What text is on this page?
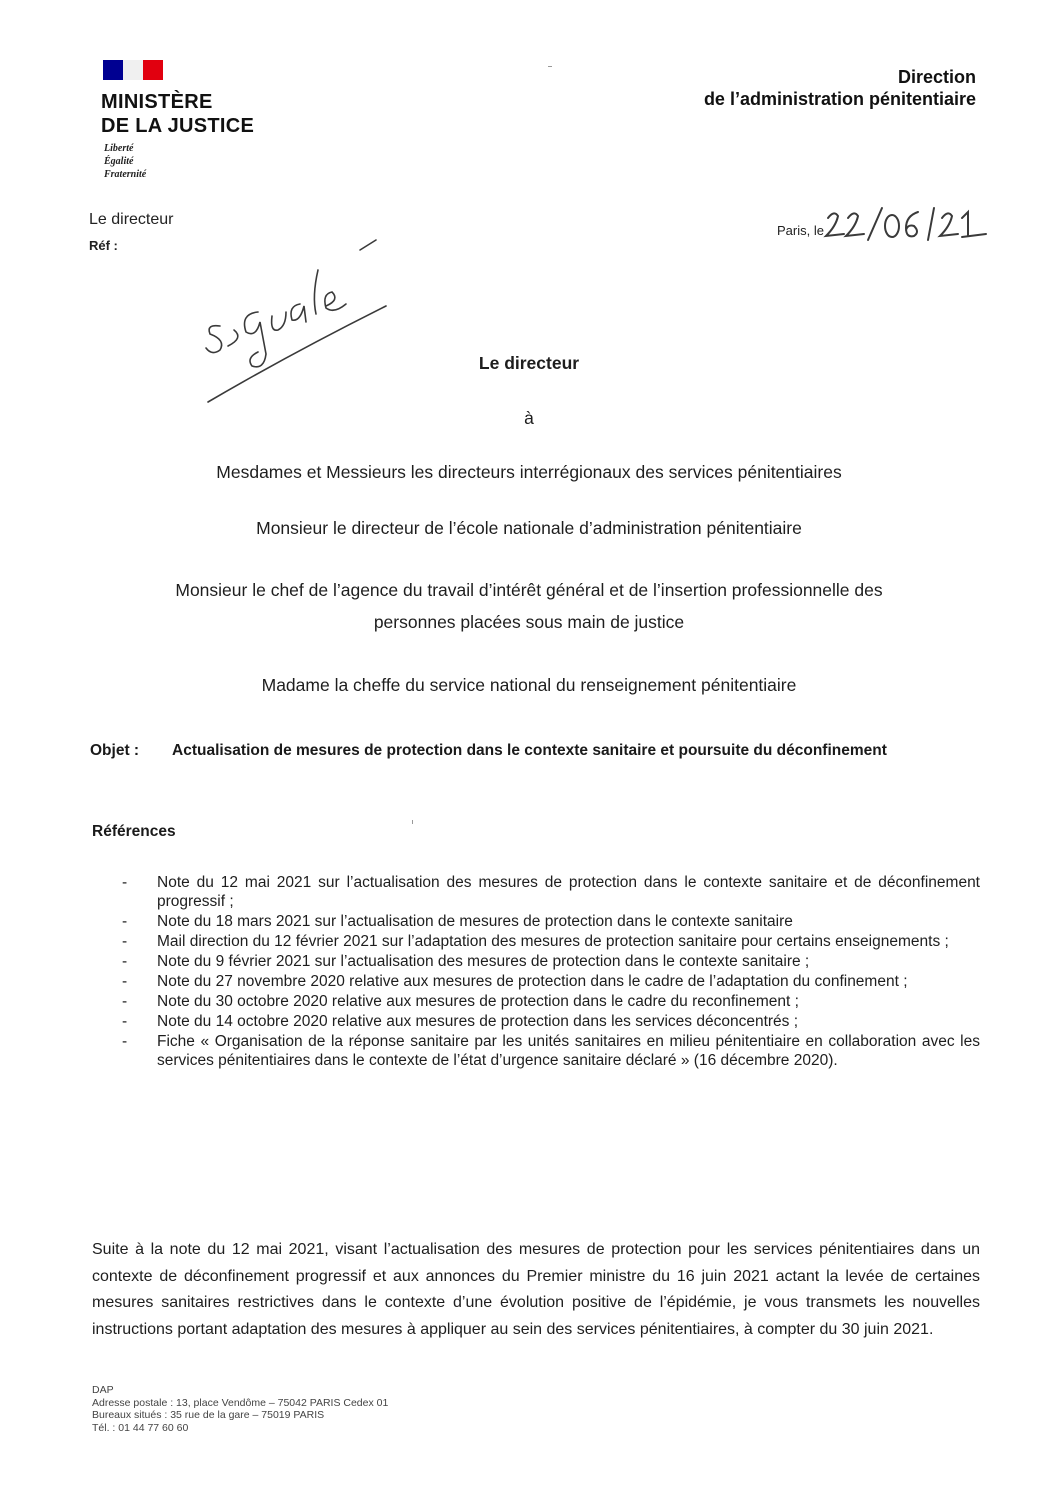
MINISTÈRE
DE LA JUSTICE
Liberté
Égalité
Fraternité
Direction
de l’administration pénitentiaire
Le directeur
Réf :
Paris, le
Le directeur
à
Mesdames et Messieurs les directeurs interrégionaux des services pénitentiaires
Monsieur le directeur de l’école nationale d’administration pénitentiaire
Monsieur le chef de l’agence du travail d’intérêt général et de l’insertion professionnelle des
personnes placées sous main de justice
Madame la cheffe du service national du renseignement pénitentiaire
Objet : Actualisation de mesures de protection dans le contexte sanitaire et poursuite du déconfinement
Références
- Note du 12 mai 2021 sur l’actualisation des mesures de protection dans le contexte sanitaire et de déconfinement progressif ;
- Note du 18 mars 2021 sur l’actualisation de mesures de protection dans le contexte sanitaire
- Mail direction du 12 février 2021 sur l’adaptation des mesures de protection sanitaire pour certains enseignements ;
- Note du 9 février 2021 sur l’actualisation des mesures de protection dans le contexte sanitaire ;
- Note du 27 novembre 2020 relative aux mesures de protection dans le cadre de l’adaptation du confinement ;
- Note du 30 octobre 2020 relative aux mesures de protection dans le cadre du reconfinement ;
- Note du 14 octobre 2020 relative aux mesures de protection dans les services déconcentrés ;
- Fiche « Organisation de la réponse sanitaire par les unités sanitaires en milieu pénitentiaire en collaboration avec les services pénitentiaires dans le contexte de l’état d’urgence sanitaire déclaré » (16 décembre 2020).
Suite à la note du 12 mai 2021, visant l’actualisation des mesures de protection pour les services pénitentiaires dans un contexte de déconfinement progressif et aux annonces du Premier ministre du 16 juin 2021 actant la levée de certaines mesures sanitaires restrictives dans le contexte d’une évolution positive de l’épidémie, je vous transmets les nouvelles instructions portant adaptation des mesures à appliquer au sein des services pénitentiaires, à compter du 30 juin 2021.
DAP
Adresse postale : 13, place Vendôme – 75042 PARIS Cedex 01
Bureaux situés : 35 rue de la gare – 75019 PARIS
Tél. : 01 44 77 60 60
